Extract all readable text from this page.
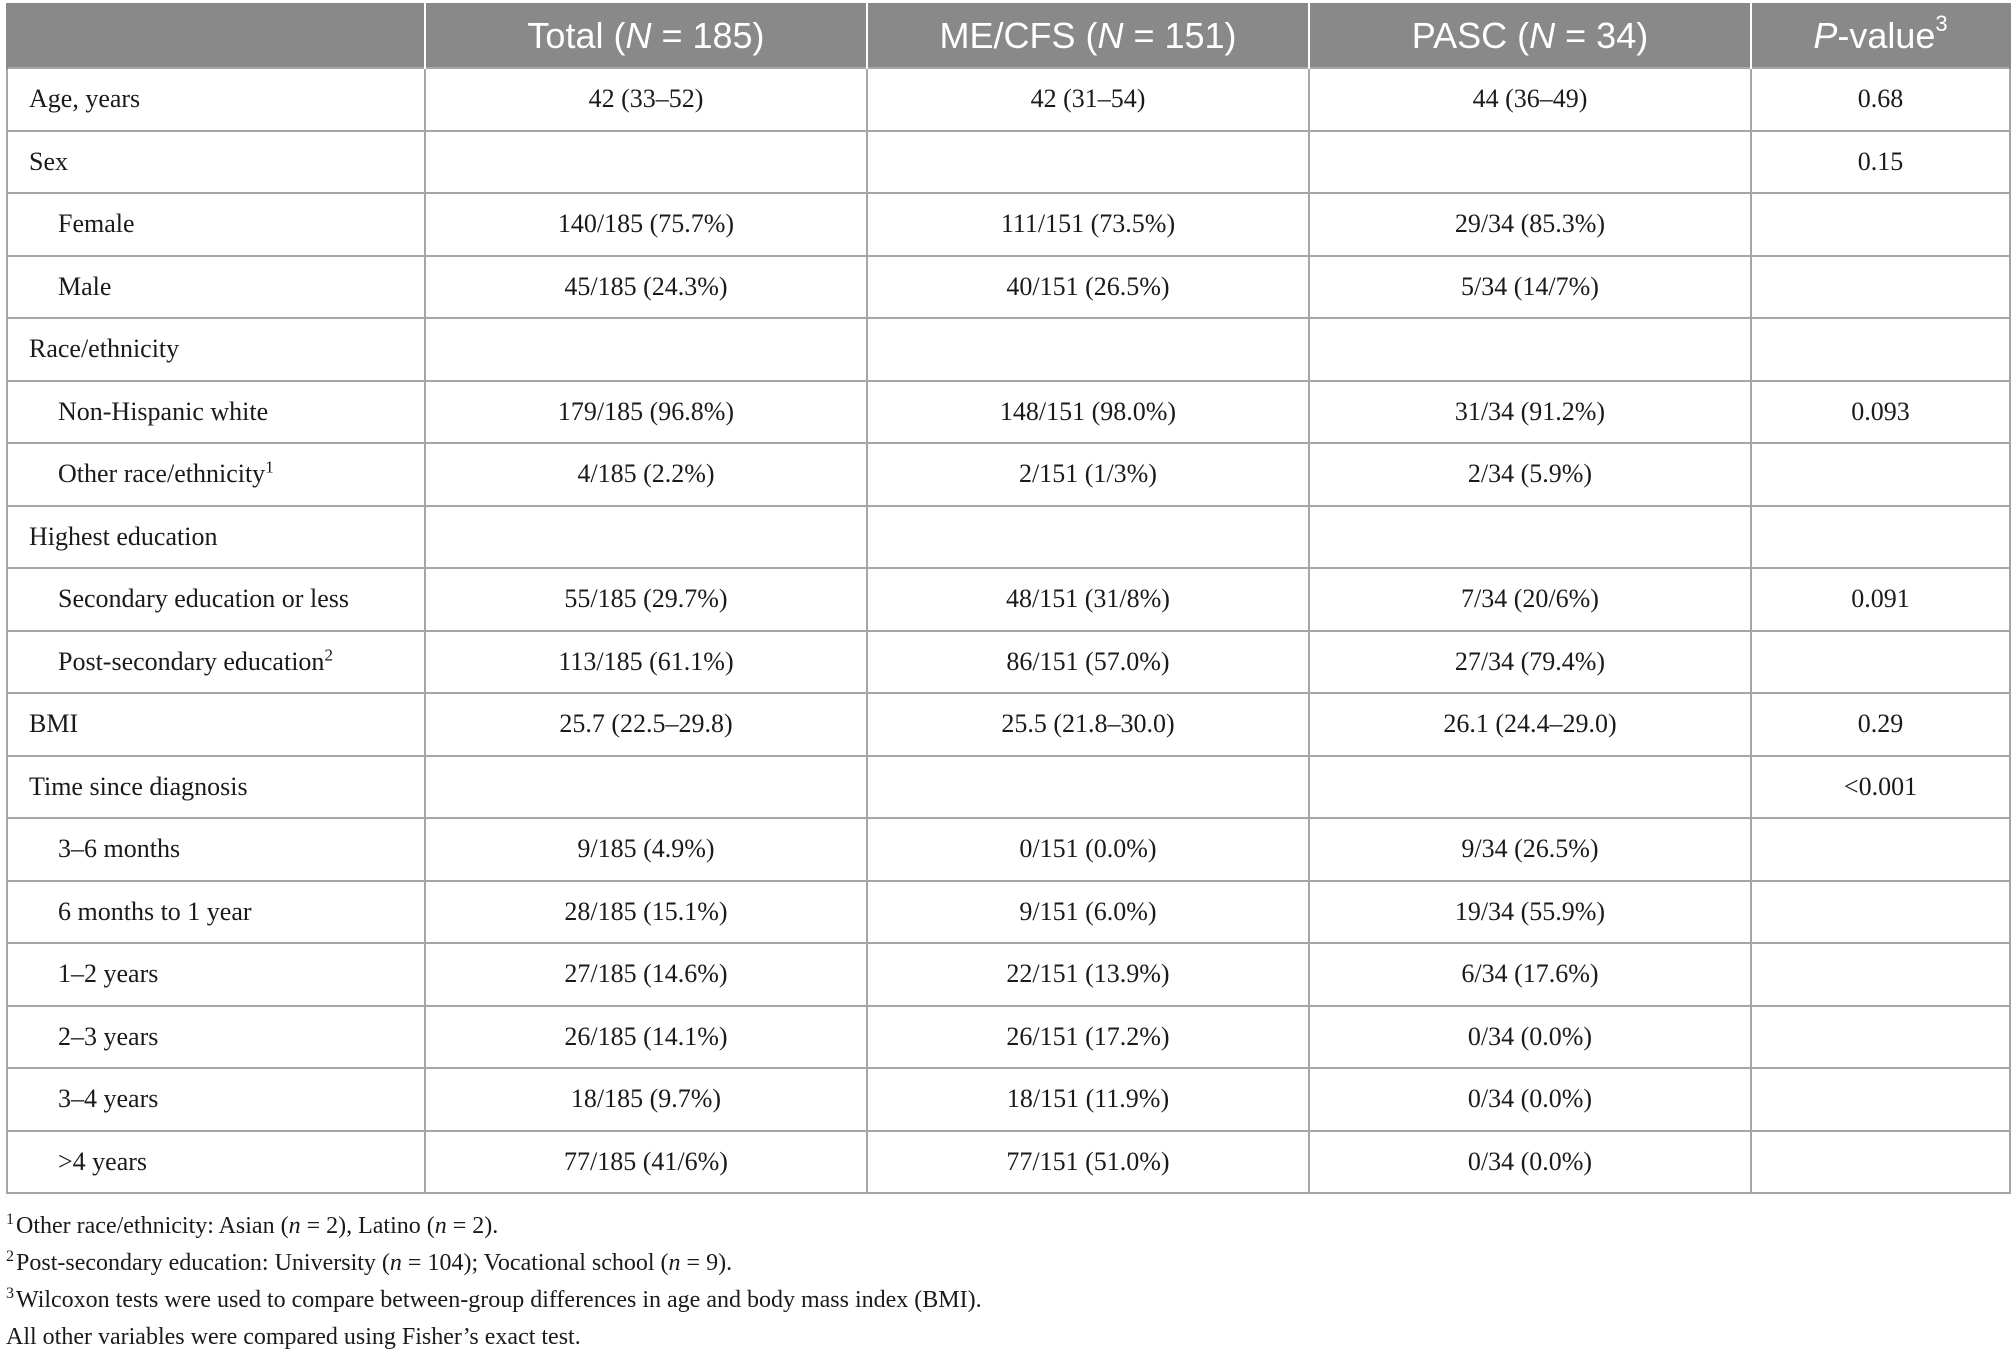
	Total (N = 185)	ME/CFS (N = 151)	PASC (N = 34)	P-value$^3$
Age, years	42 (33–52)	42 (31–54)	44 (36–49)	0.68
Sex				0.15
Female	140/185 (75.7%)	111/151 (73.5%)	29/34 (85.3%)	
Male	45/185 (24.3%)	40/151 (26.5%)	5/34 (14/7%)	
Race/ethnicity				
Non-Hispanic white	179/185 (96.8%)	148/151 (98.0%)	31/34 (91.2%)	0.093
Other race/ethnicity$^1$	4/185 (2.2%)	2/151 (1/3%)	2/34 (5.9%)	
Highest education				
Secondary education or less	55/185 (29.7%)	48/151 (31/8%)	7/34 (20/6%)	0.091
Post-secondary education$^2$	113/185 (61.1%)	86/151 (57.0%)	27/34 (79.4%)	
BMI	25.7 (22.5–29.8)	25.5 (21.8–30.0)	26.1 (24.4–29.0)	0.29
Time since diagnosis				<0.001
3–6 months	9/185 (4.9%)	0/151 (0.0%)	9/34 (26.5%)	
6 months to 1 year	28/185 (15.1%)	9/151 (6.0%)	19/34 (55.9%)	
1–2 years	27/185 (14.6%)	22/151 (13.9%)	6/34 (17.6%)	
2–3 years	26/185 (14.1%)	26/151 (17.2%)	0/34 (0.0%)	
3–4 years	18/185 (9.7%)	18/151 (11.9%)	0/34 (0.0%)	
>4 years	77/185 (41/6%)	77/151 (51.0%)	0/34 (0.0%)	
$^1$Other race/ethnicity: Asian (n = 2), Latino (n = 2).
$^2$Post-secondary education: University (n = 104); Vocational school (n = 9).
$^3$Wilcoxon tests were used to compare between-group differences in age and body mass index (BMI).
All other variables were compared using Fisher’s exact test.
